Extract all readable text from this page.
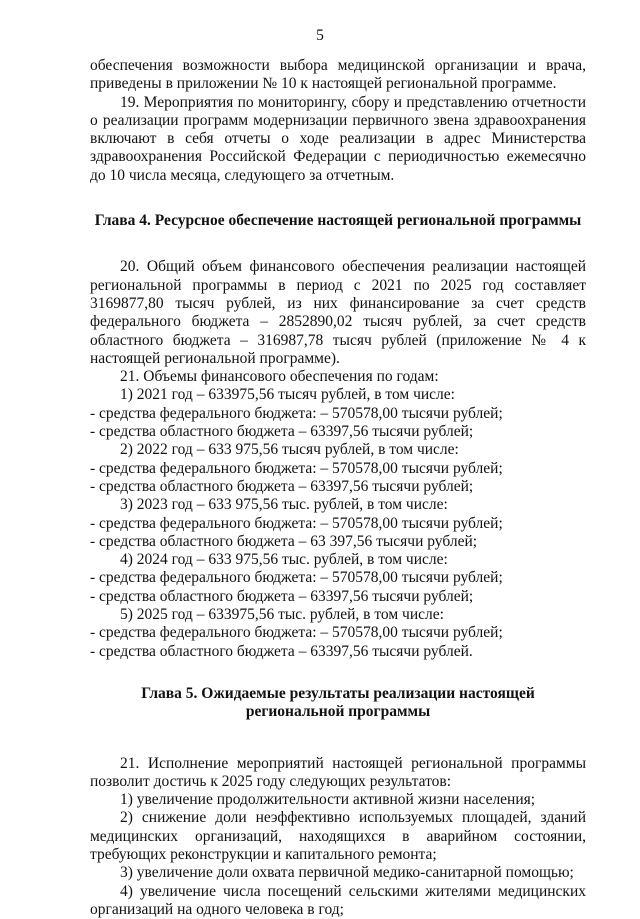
5

обеспечения возможности выбора медицинской организации и врача, приведены в приложении № 10 к настоящей региональной программе.

19. Мероприятия по мониторингу, сбору и представлению отчетности о реализации программ модернизации первичного звена здравоохранения включают в себя отчеты о ходе реализации в адрес Министерства здравоохранения Российской Федерации с периодичностью ежемесячно до 10 числа месяца, следующего за отчетным.

Глава 4. Ресурсное обеспечение настоящей региональной программы

20. Общий объем финансового обеспечения реализации настоящей региональной программы в период с 2021 по 2025 год составляет 3169877,80 тысяч рублей, из них финансирование за счет средств федерального бюджета – 2852890,02 тысяч рублей, за счет средств областного бюджета – 316987,78 тысяч рублей (приложение № 4 к настоящей региональной программе).

21. Объемы финансового обеспечения по годам:

1) 2021 год – 633975,56 тысяч рублей, в том числе:

- средства федерального бюджета: – 570578,00 тысячи рублей;

- средства областного бюджета – 63397,56 тысячи рублей;

2) 2022 год – 633 975,56 тысяч рублей, в том числе:

- средства федерального бюджета: – 570578,00 тысячи рублей;

- средства областного бюджета – 63397,56 тысячи рублей;

3) 2023 год – 633 975,56 тыс. рублей, в том числе:

- средства федерального бюджета: – 570578,00 тысячи рублей;

- средства областного бюджета – 63 397,56 тысячи рублей;

4) 2024 год – 633 975,56 тыс. рублей, в том числе:

- средства федерального бюджета: – 570578,00 тысячи рублей;

- средства областного бюджета – 63397,56 тысячи рублей;

5) 2025 год – 633975,56 тыс. рублей, в том числе:

- средства федерального бюджета: – 570578,00 тысячи рублей;

- средства областного бюджета – 63397,56 тысячи рублей.

Глава 5. Ожидаемые результаты реализации настоящей
региональной программы

21. Исполнение мероприятий настоящей региональной программы позволит достичь к 2025 году следующих результатов:

1) увеличение продолжительности активной жизни населения;

2) снижение доли неэффективно используемых площадей, зданий медицинских организаций, находящихся в аварийном состоянии, требующих реконструкции и капитального ремонта;

3) увеличение доли охвата первичной медико-санитарной помощью;

4) увеличение числа посещений сельскими жителями медицинских организаций на одного человека в год;
